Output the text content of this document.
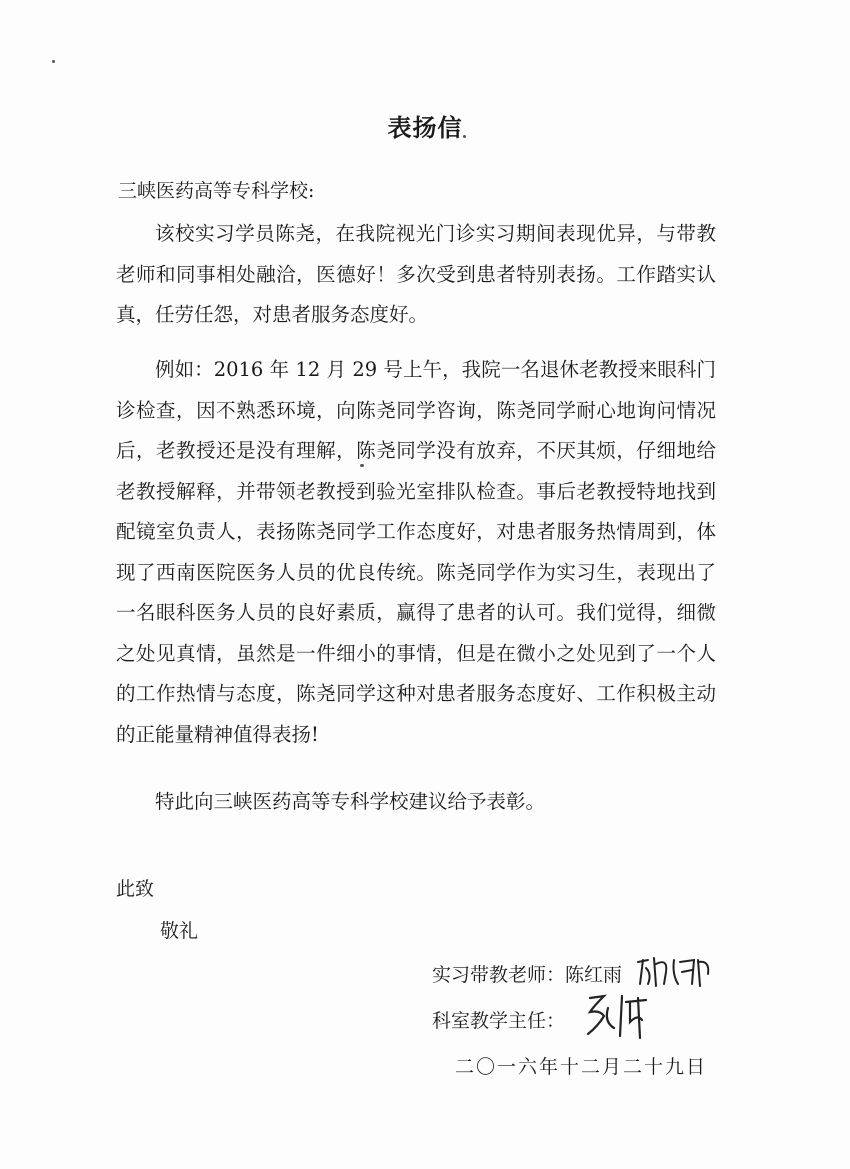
表扬信
三峡医药高等专科学校:
该校实习学员陈尧，在我院视光门诊实习期间表现优异，与带教老师和同事相处融洽，医德好！多次受到患者特别表扬。工作踏实认真，任劳任怨，对患者服务态度好。
例如：2016 年 12 月 29 号上午，我院一名退休老教授来眼科门诊检查，因不熟悉环境，向陈尧同学咨询，陈尧同学耐心地询问情况后，老教授还是没有理解，陈尧同学没有放弃，不厌其烦，仔细地给老教授解释，并带领老教授到验光室排队检查。事后老教授特地找到配镜室负责人，表扬陈尧同学工作态度好，对患者服务热情周到，体现了西南医院医务人员的优良传统。陈尧同学作为实习生，表现出了一名眼科医务人员的良好素质，赢得了患者的认可。我们觉得，细微之处见真情，虽然是一件细小的事情，但是在微小之处见到了一个人的工作热情与态度，陈尧同学这种对患者服务态度好、工作积极主动的正能量精神值得表扬!
特此向三峡医药高等专科学校建议给予表彰。
此致
敬礼
实习带教老师：陈红雨
科室教学主任：
二〇一六年十二月二十九日
